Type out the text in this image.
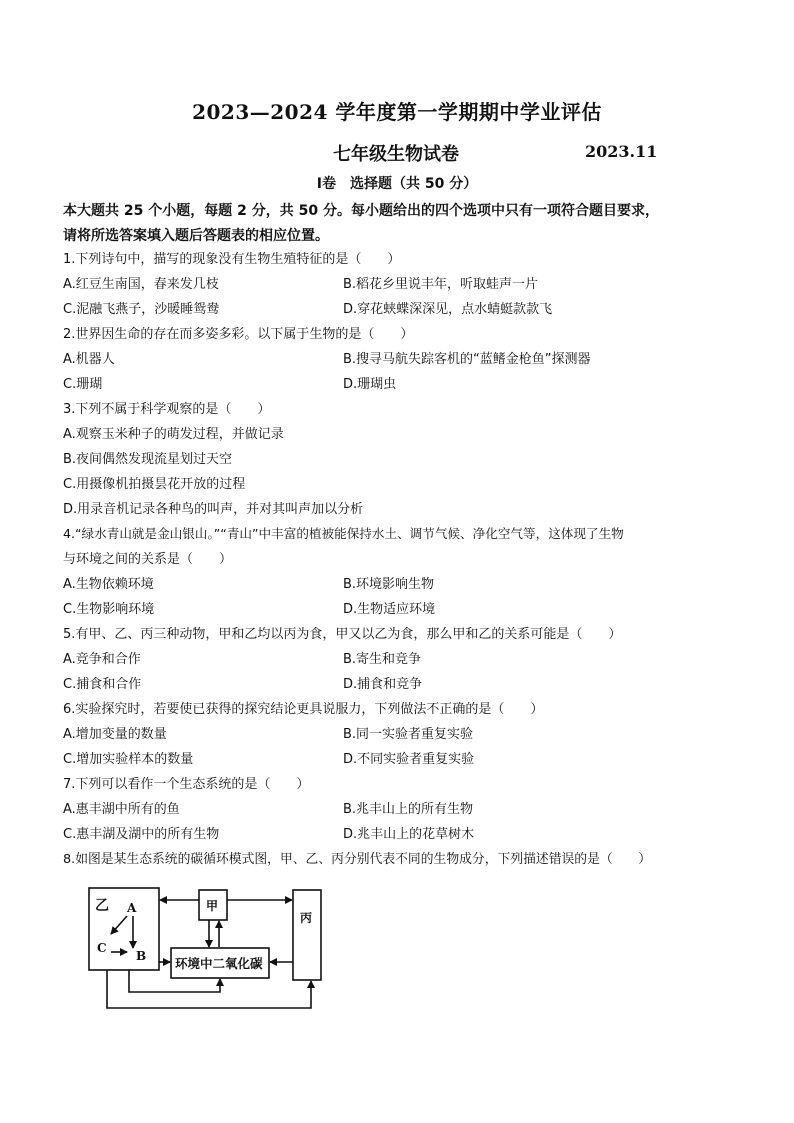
2023—2024 学年度第一学期期中学业评估
七年级生物试卷	2023.11
Ⅰ卷　选择题（共 50 分）
本大题共 25 个小题，每题 2 分，共 50 分。每小题给出的四个选项中只有一项符合题目要求，
请将所选答案填入题后答题表的相应位置。
1.下列诗句中，描写的现象没有生物生殖特征的是（　　）
A.红豆生南国，春来发几枝	B.稻花乡里说丰年，听取蛙声一片
C.泥融飞燕子，沙暖睡鸳鸯	D.穿花蛱蝶深深见，点水蜻蜓款款飞
2.世界因生命的存在而多姿多彩。以下属于生物的是（　　）
A.机器人	B.搜寻马航失踪客机的“蓝鳍金枪鱼”探测器
C.珊瑚	D.珊瑚虫
3.下列不属于科学观察的是（　　）
A.观察玉米种子的萌发过程，并做记录
B.夜间偶然发现流星划过天空
C.用摄像机拍摄昙花开放的过程
D.用录音机记录各种鸟的叫声，并对其叫声加以分析
4.“绿水青山就是金山银山。”“青山”中丰富的植被能保持水土、调节气候、净化空气等，这体现了生物
与环境之间的关系是（　　）
A.生物依赖环境	B.环境影响生物
C.生物影响环境	D.生物适应环境
5.有甲、乙、丙三种动物，甲和乙均以丙为食，甲又以乙为食，那么甲和乙的关系可能是（　　）
A.竞争和合作	B.寄生和竞争
C.捕食和合作	D.捕食和竞争
6.实验探究时，若要使已获得的探究结论更具说服力，下列做法不正确的是（　　）
A.增加变量的数量	B.同一实验者重复实验
C.增加实验样本的数量	D.不同实验者重复实验
7.下列可以看作一个生态系统的是（　　）
A.惠丰湖中所有的鱼	B.兆丰山上的所有生物
C.惠丰湖及湖中的所有生物	D.兆丰山上的花草树木
8.如图是某生态系统的碳循环模式图，甲、乙、丙分别代表不同的生物成分，下列描述错误的是（　　）
乙 A
C
B
甲
丙
环境中二氧化碳
